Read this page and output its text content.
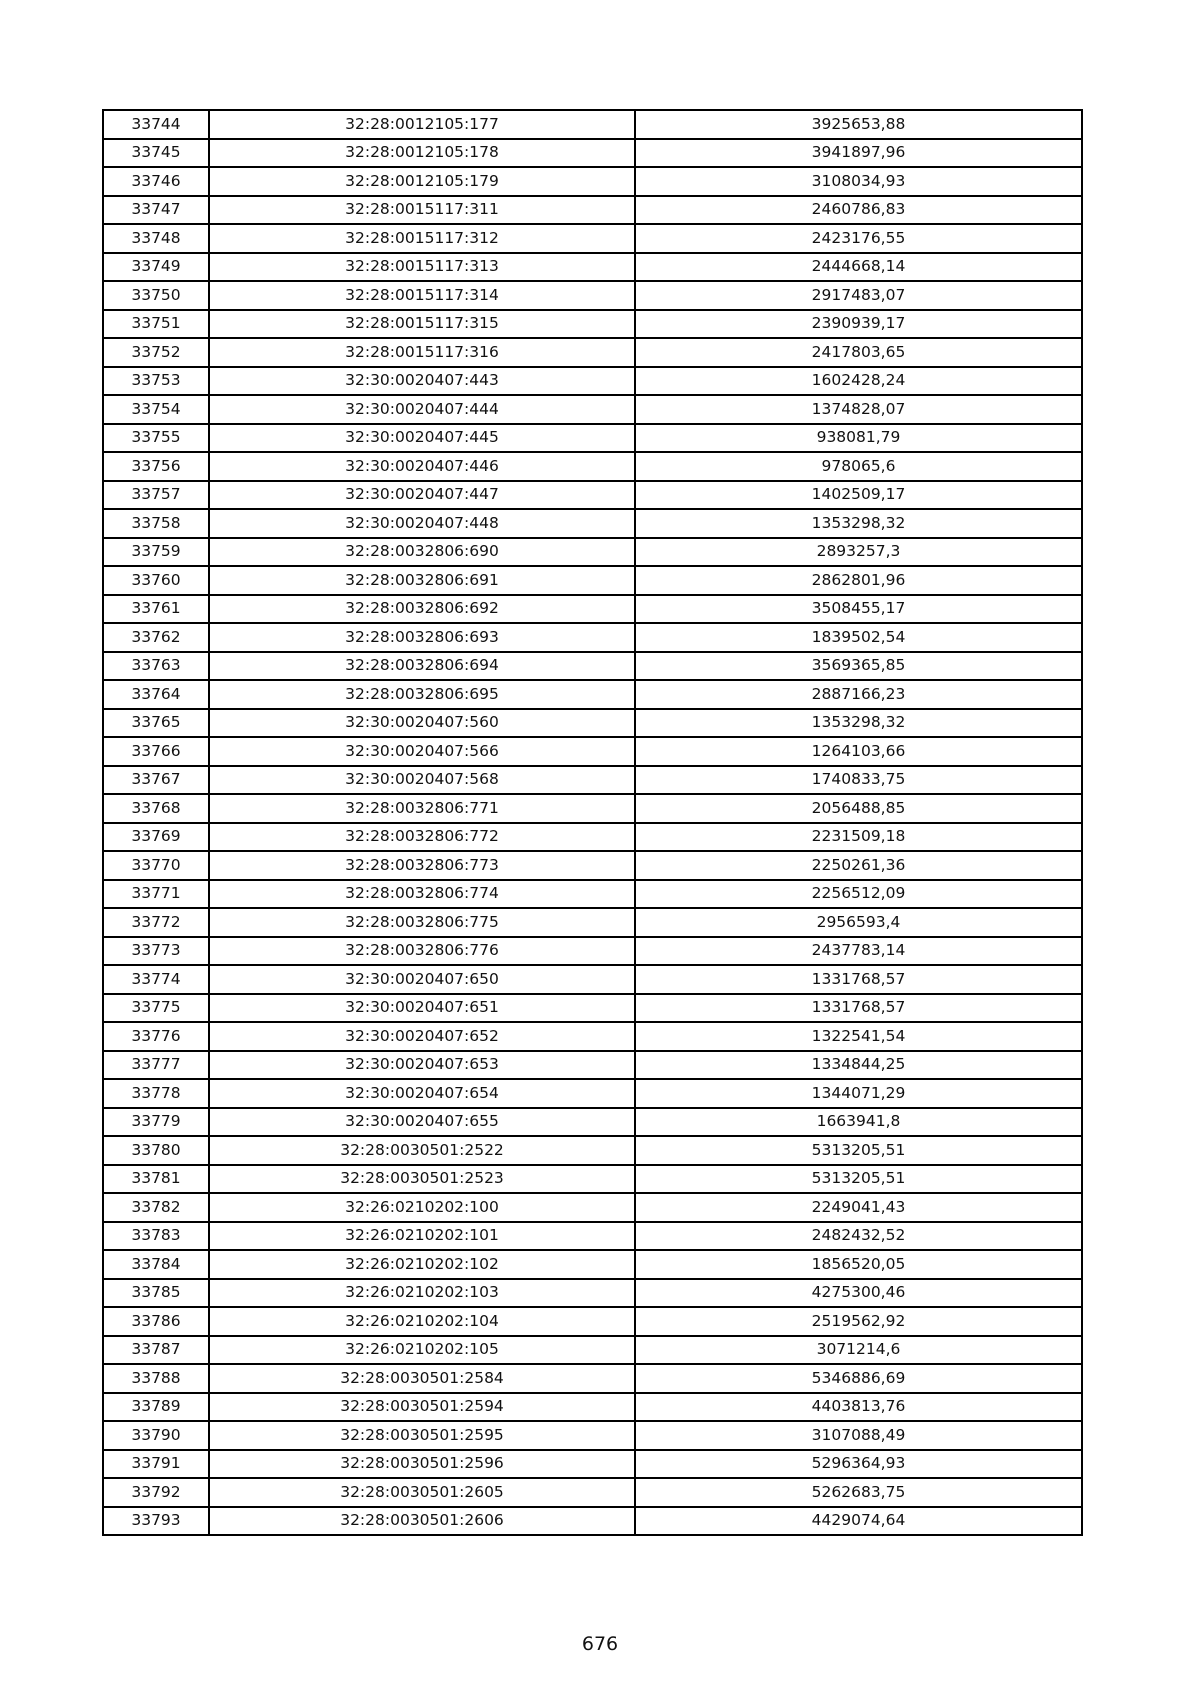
33744	32:28:0012105:177	3925653,88
33745	32:28:0012105:178	3941897,96
33746	32:28:0012105:179	3108034,93
33747	32:28:0015117:311	2460786,83
33748	32:28:0015117:312	2423176,55
33749	32:28:0015117:313	2444668,14
33750	32:28:0015117:314	2917483,07
33751	32:28:0015117:315	2390939,17
33752	32:28:0015117:316	2417803,65
33753	32:30:0020407:443	1602428,24
33754	32:30:0020407:444	1374828,07
33755	32:30:0020407:445	938081,79
33756	32:30:0020407:446	978065,6
33757	32:30:0020407:447	1402509,17
33758	32:30:0020407:448	1353298,32
33759	32:28:0032806:690	2893257,3
33760	32:28:0032806:691	2862801,96
33761	32:28:0032806:692	3508455,17
33762	32:28:0032806:693	1839502,54
33763	32:28:0032806:694	3569365,85
33764	32:28:0032806:695	2887166,23
33765	32:30:0020407:560	1353298,32
33766	32:30:0020407:566	1264103,66
33767	32:30:0020407:568	1740833,75
33768	32:28:0032806:771	2056488,85
33769	32:28:0032806:772	2231509,18
33770	32:28:0032806:773	2250261,36
33771	32:28:0032806:774	2256512,09
33772	32:28:0032806:775	2956593,4
33773	32:28:0032806:776	2437783,14
33774	32:30:0020407:650	1331768,57
33775	32:30:0020407:651	1331768,57
33776	32:30:0020407:652	1322541,54
33777	32:30:0020407:653	1334844,25
33778	32:30:0020407:654	1344071,29
33779	32:30:0020407:655	1663941,8
33780	32:28:0030501:2522	5313205,51
33781	32:28:0030501:2523	5313205,51
33782	32:26:0210202:100	2249041,43
33783	32:26:0210202:101	2482432,52
33784	32:26:0210202:102	1856520,05
33785	32:26:0210202:103	4275300,46
33786	32:26:0210202:104	2519562,92
33787	32:26:0210202:105	3071214,6
33788	32:28:0030501:2584	5346886,69
33789	32:28:0030501:2594	4403813,76
33790	32:28:0030501:2595	3107088,49
33791	32:28:0030501:2596	5296364,93
33792	32:28:0030501:2605	5262683,75
33793	32:28:0030501:2606	4429074,64
676
